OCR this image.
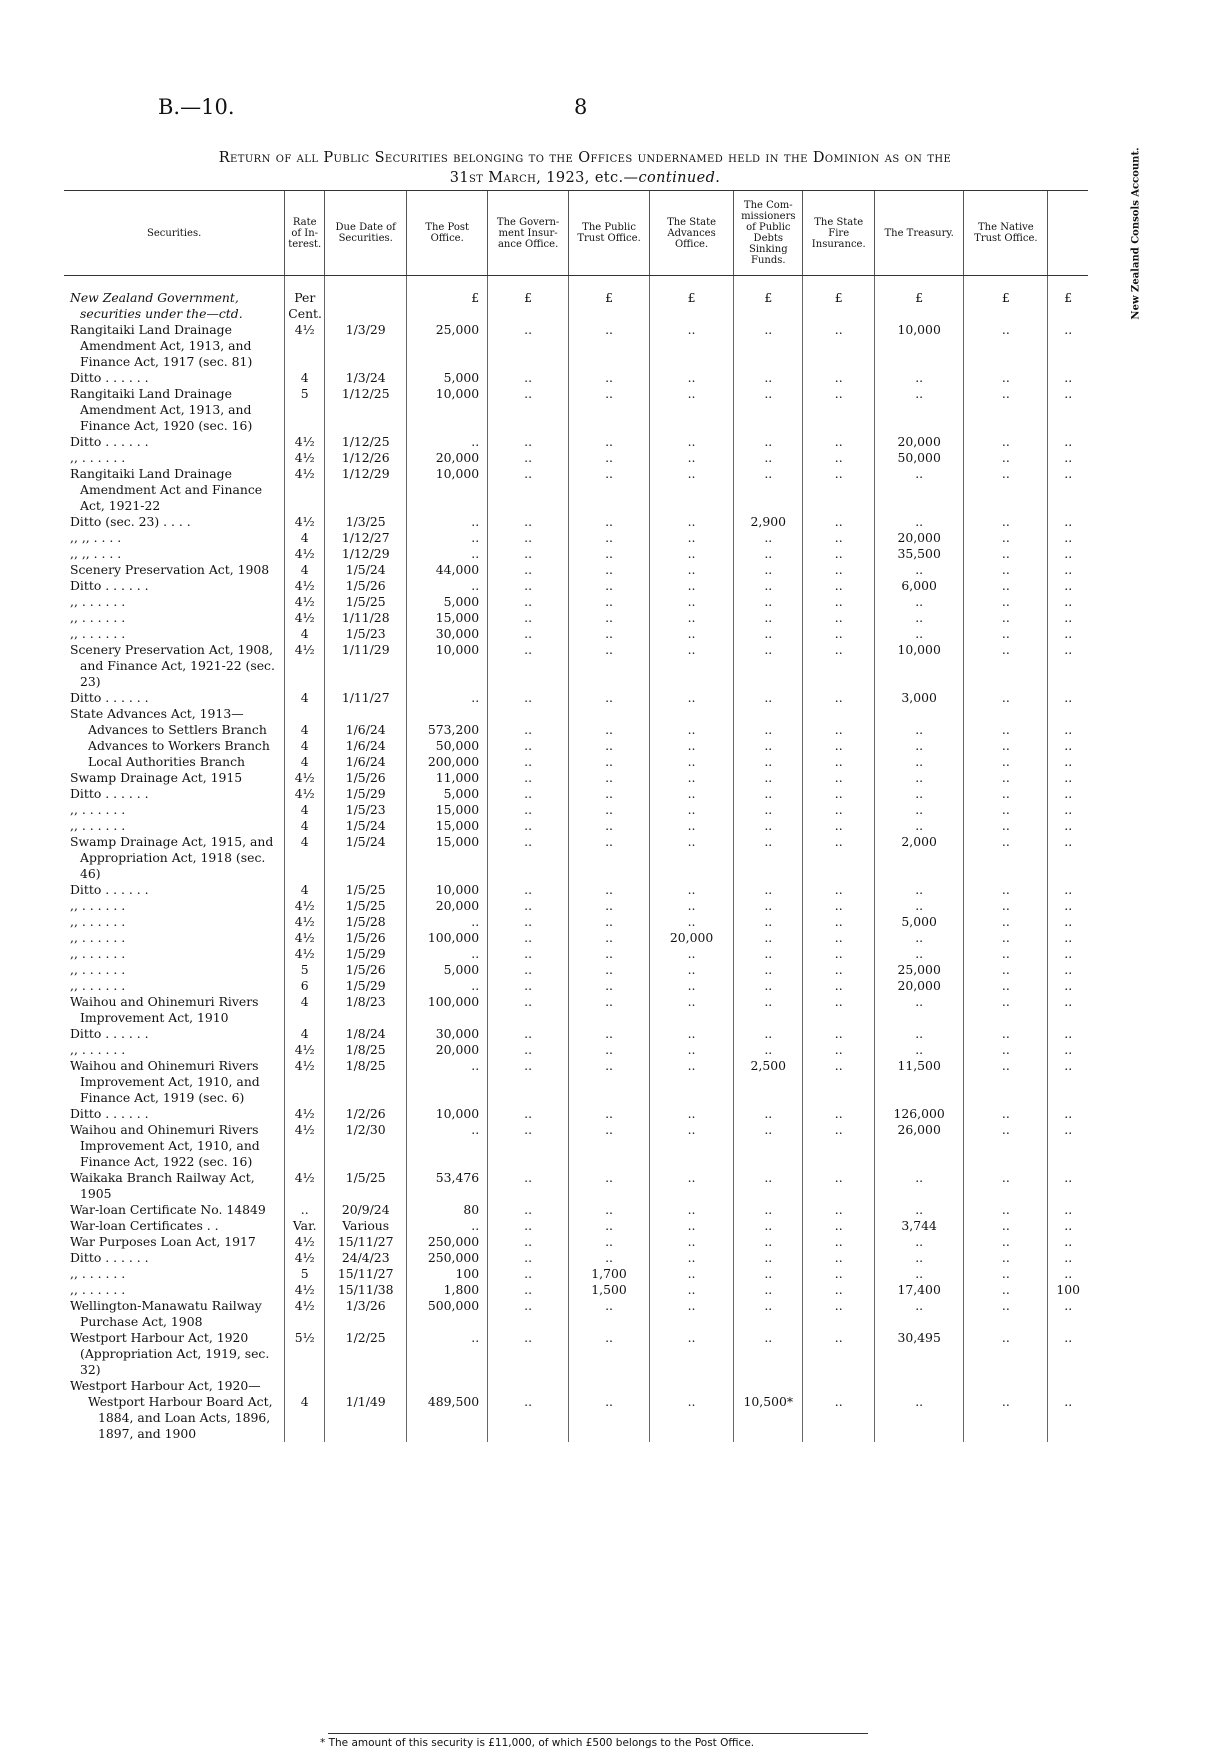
B.—10.	8
Return of all Public Securities belonging to the Offices undernamed held in the Dominion as on the
31st March, 1923, etc.—continued.
Securities.	Rate of In-terest.	Due Date of Securities.	The Post Office.	The Govern-ment Insur-ance Office.	The Public Trust Office.	The State Advances Office.	The Com-missioners of Public Debts Sinking Funds.	The State Fire Insurance.	The Treasury.	The Native Trust Office.	New Zealand Consols Account.
New Zealand Government, securities under the—ctd.	Per Cent.		£	£	£	£	£	£	£	£	£
Rangitaiki Land Drainage Amendment Act, 1913, and Finance Act, 1917 (sec. 81)	4½	1/3/29	25,000	..	..	..	..	..	10,000	..	..
Ditto . . . . . .	4	1/3/24	5,000	..	..	..	..	..	..	..	..
Rangitaiki Land Drainage Amendment Act, 1913, and Finance Act, 1920 (sec. 16)	5	1/12/25	10,000	..	..	..	..	..	..	..	..
Ditto . . . . . .	4½	1/12/25	..	..	..	..	..	..	20,000	..	..
,, . . . . . .	4½	1/12/26	20,000	..	..	..	..	..	50,000	..	..
Rangitaiki Land Drainage Amendment Act and Finance Act, 1921-22	4½	1/12/29	10,000	..	..	..	..	..	..	..	..
Ditto (sec. 23) . . . .	4½	1/3/25	..	..	..	..	2,900	..	..	..	..
,, ,, . . . .	4	1/12/27	..	..	..	..	..	..	20,000	..	..
,, ,, . . . .	4½	1/12/29	..	..	..	..	..	..	35,500	..	..
Scenery Preservation Act, 1908	4	1/5/24	44,000	..	..	..	..	..	..	..	..
Ditto . . . . . .	4½	1/5/26	..	..	..	..	..	..	6,000	..	..
,, . . . . . .	4½	1/5/25	5,000	..	..	..	..	..	..	..	..
,, . . . . . .	4½	1/11/28	15,000	..	..	..	..	..	..	..	..
,, . . . . . .	4	1/5/23	30,000	..	..	..	..	..	..	..	..
Scenery Preservation Act, 1908, and Finance Act, 1921-22 (sec. 23)	4½	1/11/29	10,000	..	..	..	..	..	10,000	..	..
Ditto . . . . . .	4	1/11/27	..	..	..	..	..	..	3,000	..	..
State Advances Act, 1913—											
Advances to Settlers Branch	4	1/6/24	573,200	..	..	..	..	..	..	..	..
Advances to Workers Branch	4	1/6/24	50,000	..	..	..	..	..	..	..	..
Local Authorities Branch	4	1/6/24	200,000	..	..	..	..	..	..	..	..
Swamp Drainage Act, 1915	4½	1/5/26	11,000	..	..	..	..	..	..	..	..
Ditto . . . . . .	4½	1/5/29	5,000	..	..	..	..	..	..	..	..
,, . . . . . .	4	1/5/23	15,000	..	..	..	..	..	..	..	..
,, . . . . . .	4	1/5/24	15,000	..	..	..	..	..	..	..	..
Swamp Drainage Act, 1915, and Appropriation Act, 1918 (sec. 46)	4	1/5/24	15,000	..	..	..	..	..	2,000	..	..
Ditto . . . . . .	4	1/5/25	10,000	..	..	..	..	..	..	..	..
,, . . . . . .	4½	1/5/25	20,000	..	..	..	..	..	..	..	..
,, . . . . . .	4½	1/5/28	..	..	..	..	..	..	5,000	..	..
,, . . . . . .	4½	1/5/26	100,000	..	..	20,000	..	..	..	..	..
,, . . . . . .	4½	1/5/29	..	..	..	..	..	..	..	..	..
,, . . . . . .	5	1/5/26	5,000	..	..	..	..	..	25,000	..	..
,, . . . . . .	6	1/5/29	..	..	..	..	..	..	20,000	..	..
Waihou and Ohinemuri Rivers Improvement Act, 1910	4	1/8/23	100,000	..	..	..	..	..	..	..	..
Ditto . . . . . .	4	1/8/24	30,000	..	..	..	..	..	..	..	..
,, . . . . . .	4½	1/8/25	20,000	..	..	..	..	..	..	..	..
Waihou and Ohinemuri Rivers Improvement Act, 1910, and Finance Act, 1919 (sec. 6)	4½	1/8/25	..	..	..	..	2,500	..	11,500	..	..
Ditto . . . . . .	4½	1/2/26	10,000	..	..	..	..	..	126,000	..	..
Waihou and Ohinemuri Rivers Improvement Act, 1910, and Finance Act, 1922 (sec. 16)	4½	1/2/30	..	..	..	..	..	..	26,000	..	..
Waikaka Branch Railway Act, 1905	4½	1/5/25	53,476	..	..	..	..	..	..	..	..
War-loan Certificate No. 14849	..	20/9/24	80	..	..	..	..	..	..	..	..
War-loan Certificates . .	Var.	Various	..	..	..	..	..	..	3,744	..	..
War Purposes Loan Act, 1917	4½	15/11/27	250,000	..	..	..	..	..	..	..	..
Ditto . . . . . .	4½	24/4/23	250,000	..	..	..	..	..	..	..	..
,, . . . . . .	5	15/11/27	100	..	1,700	..	..	..	..	..	..
,, . . . . . .	4½	15/11/38	1,800	..	1,500	..	..	..	17,400	..	100
Wellington-Manawatu Railway Purchase Act, 1908	4½	1/3/26	500,000	..	..	..	..	..	..	..	..
Westport Harbour Act, 1920 (Appropriation Act, 1919, sec. 32)	5½	1/2/25	..	..	..	..	..	..	30,495	..	..
Westport Harbour Act, 1920—											
Westport Harbour Board Act, 1884, and Loan Acts, 1896, 1897, and 1900	4	1/1/49	489,500	..	..	..	10,500*	..	..	..	..
* The amount of this security is £11,000, of which £500 belongs to the Post Office.
